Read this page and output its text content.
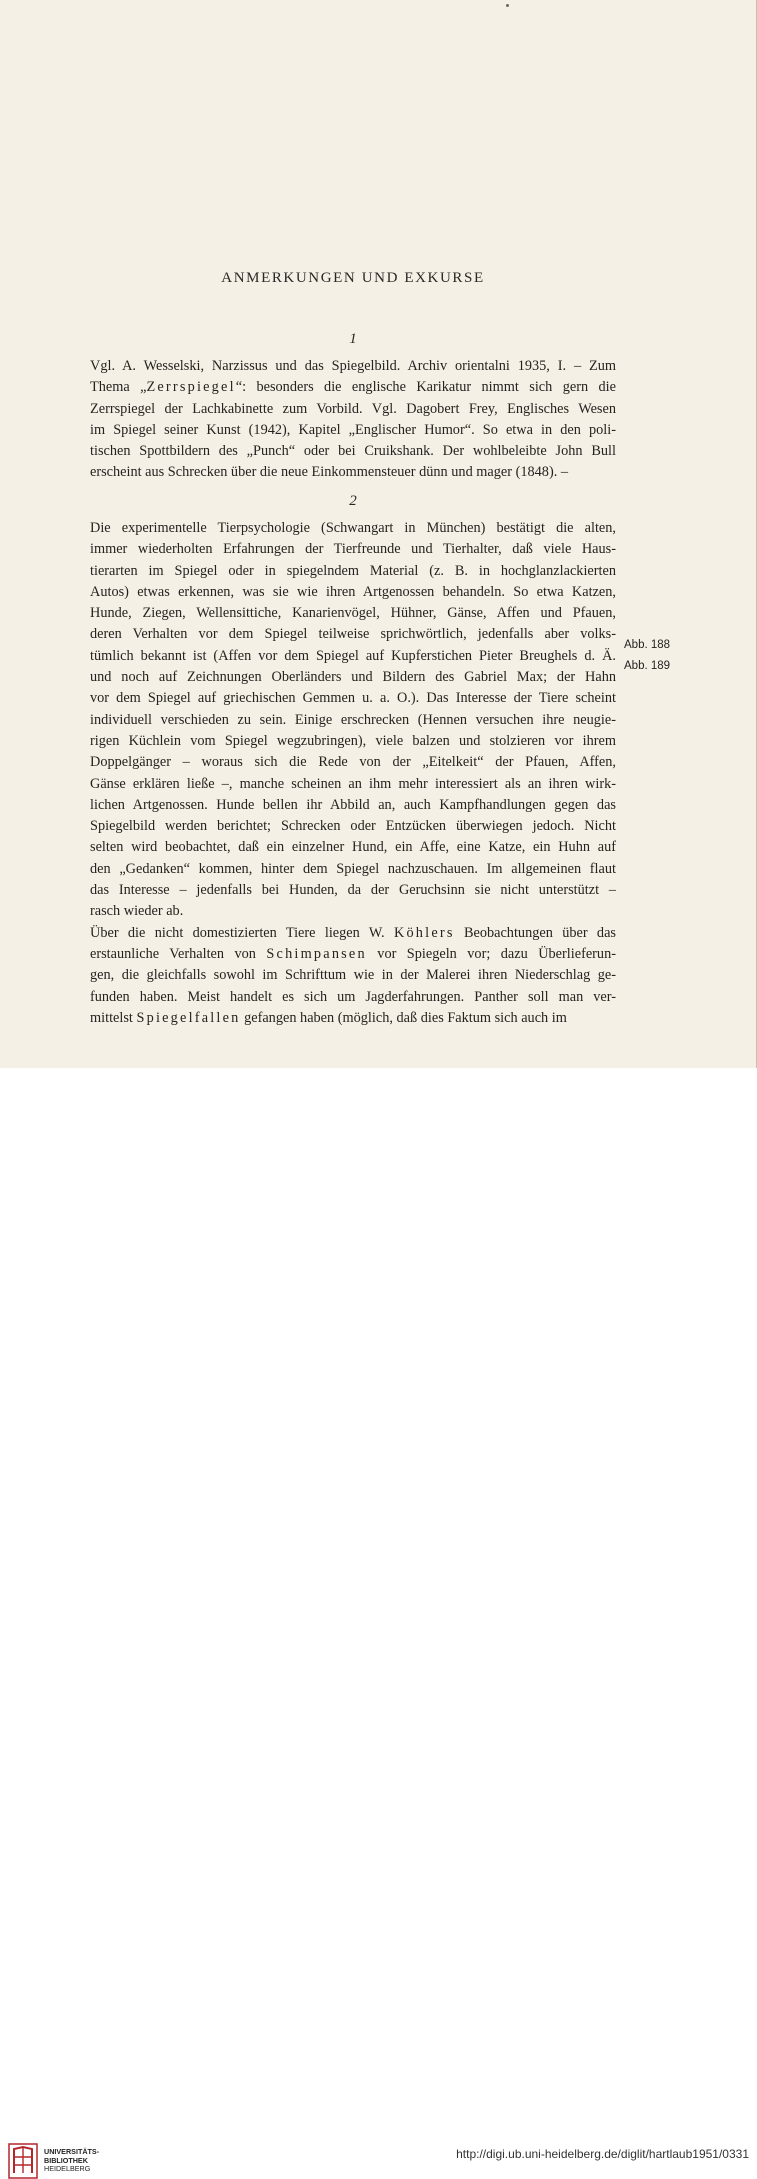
ANMERKUNGEN UND EXKURSE
1

Vgl. A. Wesselski, Narzissus und das Spiegelbild. Archiv orientalni 1935, I. – Zum
Thema „Zerrspiegel“: besonders die englische Karikatur nimmt sich gern die
Zerrspiegel der Lachkabinette zum Vorbild. Vgl. Dagobert Frey, Englisches Wesen
im Spiegel seiner Kunst (1942), Kapitel „Englischer Humor“. So etwa in den poli-
tischen Spottbildern des „Punch“ oder bei Cruikshank. Der wohlbeleibte John Bull
erscheint aus Schrecken über die neue Einkommensteuer dünn und mager (1848). –

2

Die experimentelle Tierpsychologie (Schwangart in München) bestätigt die alten,
immer wiederholten Erfahrungen der Tierfreunde und Tierhalter, daß viele Haus-
tierarten im Spiegel oder in spiegelndem Material (z. B. in hochglanzlackierten
Autos) etwas erkennen, was sie wie ihren Artgenossen behandeln. So etwa Katzen,
Hunde, Ziegen, Wellensittiche, Kanarienvögel, Hühner, Gänse, Affen und Pfauen,
deren Verhalten vor dem Spiegel teilweise sprichwörtlich, jedenfalls aber volks-
tümlich bekannt ist (Affen vor dem Spiegel auf Kupferstichen Pieter Breughels d. Ä.
und noch auf Zeichnungen Oberländers und Bildern des Gabriel Max; der Hahn
vor dem Spiegel auf griechischen Gemmen u. a. O.). Das Interesse der Tiere scheint
individuell verschieden zu sein. Einige erschrecken (Hennen versuchen ihre neugie-
rigen Küchlein vom Spiegel wegzubringen), viele balzen und stolzieren vor ihrem
Doppelgänger – woraus sich die Rede von der „Eitelkeit“ der Pfauen, Affen,
Gänse erklären ließe –, manche scheinen an ihm mehr interessiert als an ihren wirk-
lichen Artgenossen. Hunde bellen ihr Abbild an, auch Kampfhandlungen gegen das
Spiegelbild werden berichtet; Schrecken oder Entzücken überwiegen jedoch. Nicht
selten wird beobachtet, daß ein einzelner Hund, ein Affe, eine Katze, ein Huhn auf
den „Gedanken“ kommen, hinter dem Spiegel nachzuschauen. Im allgemeinen flaut
das Interesse – jedenfalls bei Hunden, da der Geruchsinn sie nicht unterstützt –
rasch wieder ab.
Über die nicht domestizierten Tiere liegen W. Köhlers Beobachtungen über das
erstaunliche Verhalten von Schimpansen vor Spiegeln vor; dazu Überlieferun-
gen, die gleichfalls sowohl im Schrifttum wie in der Malerei ihren Niederschlag ge-
funden haben. Meist handelt es sich um Jagderfahrungen. Panther soll man ver-
mittelst Spiegelfallen gefangen haben (möglich, daß dies Faktum sich auch im

Abb. 188
Abb. 189
UNIVERSITÄTS-
BIBLIOTHEK
HEIDELBERG
http://digi.ub.uni-heidelberg.de/diglit/hartlaub1951/0331
